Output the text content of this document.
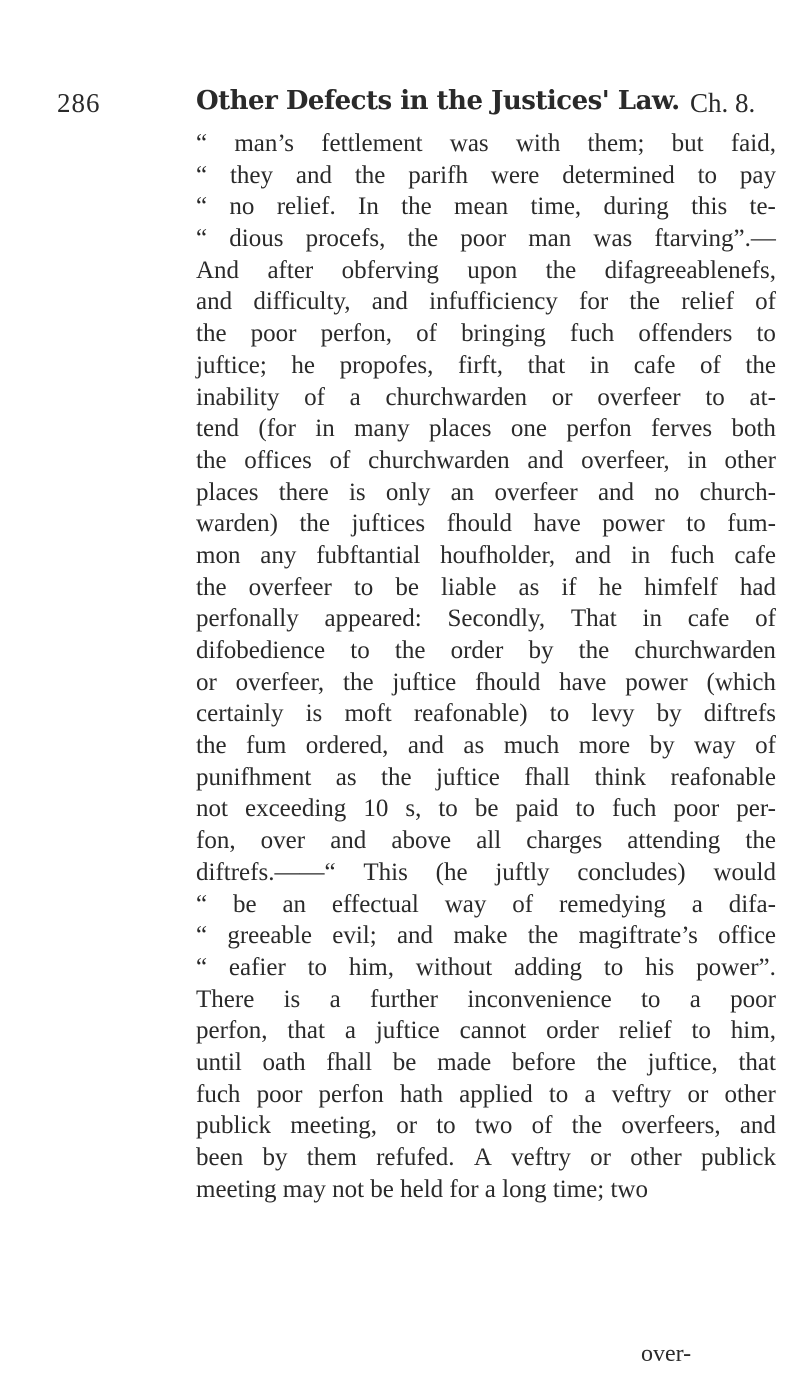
286	Other Defects in the Justices' Law. Ch. 8.
“ man’s fettlement was with them; but faid,
“ they and the parifh were determined to pay
“ no relief. In the mean time, during this te-
“ dious procefs, the poor man was ftarving”.—
And after obferving upon the difagreeablenefs,
and difficulty, and infufficiency for the relief of
the poor perfon, of bringing fuch offenders to
juftice; he propofes, firft, that in cafe of the
inability of a churchwarden or overfeer to at-
tend (for in many places one perfon ferves both
the offices of churchwarden and overfeer, in other
places there is only an overfeer and no church-
warden) the juftices fhould have power to fum-
mon any fubftantial houfholder, and in fuch cafe
the overfeer to be liable as if he himfelf had
perfonally appeared: Secondly, That in cafe of
difobedience to the order by the churchwarden
or overfeer, the juftice fhould have power (which
certainly is moft reafonable) to levy by diftrefs
the fum ordered, and as much more by way of
punifhment as the juftice fhall think reafonable
not exceeding 10 s, to be paid to fuch poor per-
fon, over and above all charges attending the
diftrefs.——“ This (he juftly concludes) would
“ be an effectual way of remedying a difa-
“ greeable evil; and make the magiftrate’s office
“ eafier to him, without adding to his power”.
There is a further inconvenience to a poor
perfon, that a juftice cannot order relief to him,
until oath fhall be made before the juftice, that
fuch poor perfon hath applied to a veftry or other
publick meeting, or to two of the overfeers, and
been by them refufed. A veftry or other publick
meeting may not be held for a long time; two
over-
